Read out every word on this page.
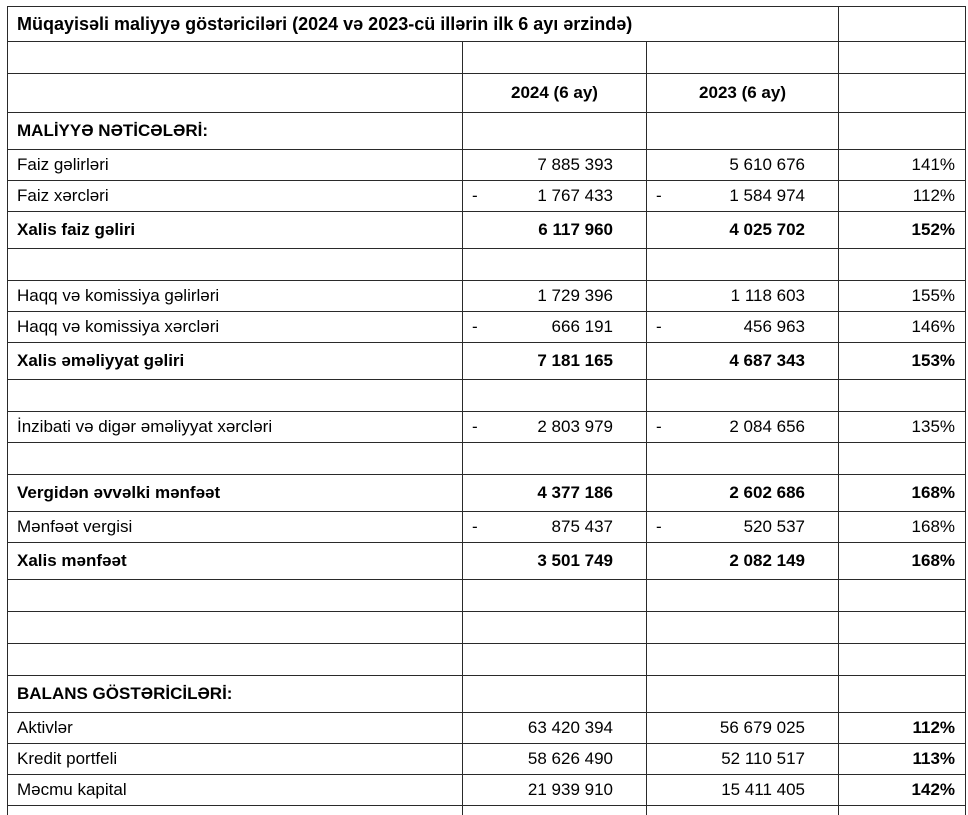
Müqayisəli maliyyə göstəriciləri (2024 və 2023-cü illərin ilk 6 ayı ərzində)			

	2024 (6 ay)	2023 (6 ay)	
MALİYYƏ NƏTİCƏLƏRİ:			
Faiz gəlirləri	7 885 393	5 610 676	141%
Faiz xərcləri	- 1 767 433	- 1 584 974	112%
Xalis faiz gəliri	6 117 960	4 025 702	152%

Haqq və komissiya gəlirləri	1 729 396	1 118 603	155%
Haqq və komissiya xərcləri	- 666 191	- 456 963	146%
Xalis əməliyyat gəliri	7 181 165	4 687 343	153%

İnzibati və digər əməliyyat xərcləri	- 2 803 979	- 2 084 656	135%

Vergidən əvvəlki mənfəət	4 377 186	2 602 686	168%
Mənfəət vergisi	- 875 437	- 520 537	168%
Xalis mənfəət	3 501 749	2 082 149	168%

BALANS GÖSTƏRİCİLƏRİ:			
Aktivlər	63 420 394	56 679 025	112%
Kredit portfeli	58 626 490	52 110 517	113%
Məcmu kapital	21 939 910	15 411 405	142%
